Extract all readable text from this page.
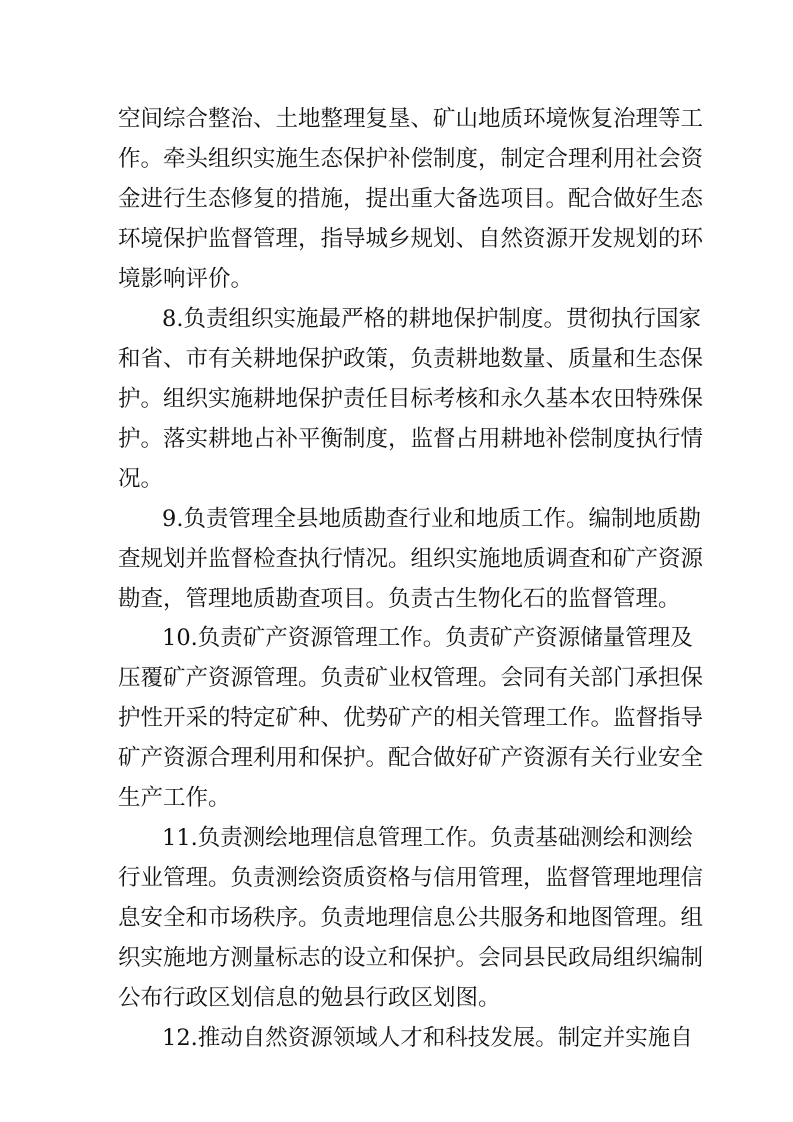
空间综合整治、土地整理复垦、矿山地质环境恢复治理等工
作。牵头组织实施生态保护补偿制度，制定合理利用社会资
金进行生态修复的措施，提出重大备选项目。配合做好生态
环境保护监督管理，指导城乡规划、自然资源开发规划的环
境影响评价。
8.负责组织实施最严格的耕地保护制度。贯彻执行国家
和省、市有关耕地保护政策，负责耕地数量、质量和生态保
护。组织实施耕地保护责任目标考核和永久基本农田特殊保
护。落实耕地占补平衡制度，监督占用耕地补偿制度执行情
况。
9.负责管理全县地质勘查行业和地质工作。编制地质勘
查规划并监督检查执行情况。组织实施地质调查和矿产资源
勘查，管理地质勘查项目。负责古生物化石的监督管理。
10.负责矿产资源管理工作。负责矿产资源储量管理及
压覆矿产资源管理。负责矿业权管理。会同有关部门承担保
护性开采的特定矿种、优势矿产的相关管理工作。监督指导
矿产资源合理利用和保护。配合做好矿产资源有关行业安全
生产工作。
11.负责测绘地理信息管理工作。负责基础测绘和测绘
行业管理。负责测绘资质资格与信用管理，监督管理地理信
息安全和市场秩序。负责地理信息公共服务和地图管理。组
织实施地方测量标志的设立和保护。会同县民政局组织编制
公布行政区划信息的勉县行政区划图。
12.推动自然资源领域人才和科技发展。制定并实施自
